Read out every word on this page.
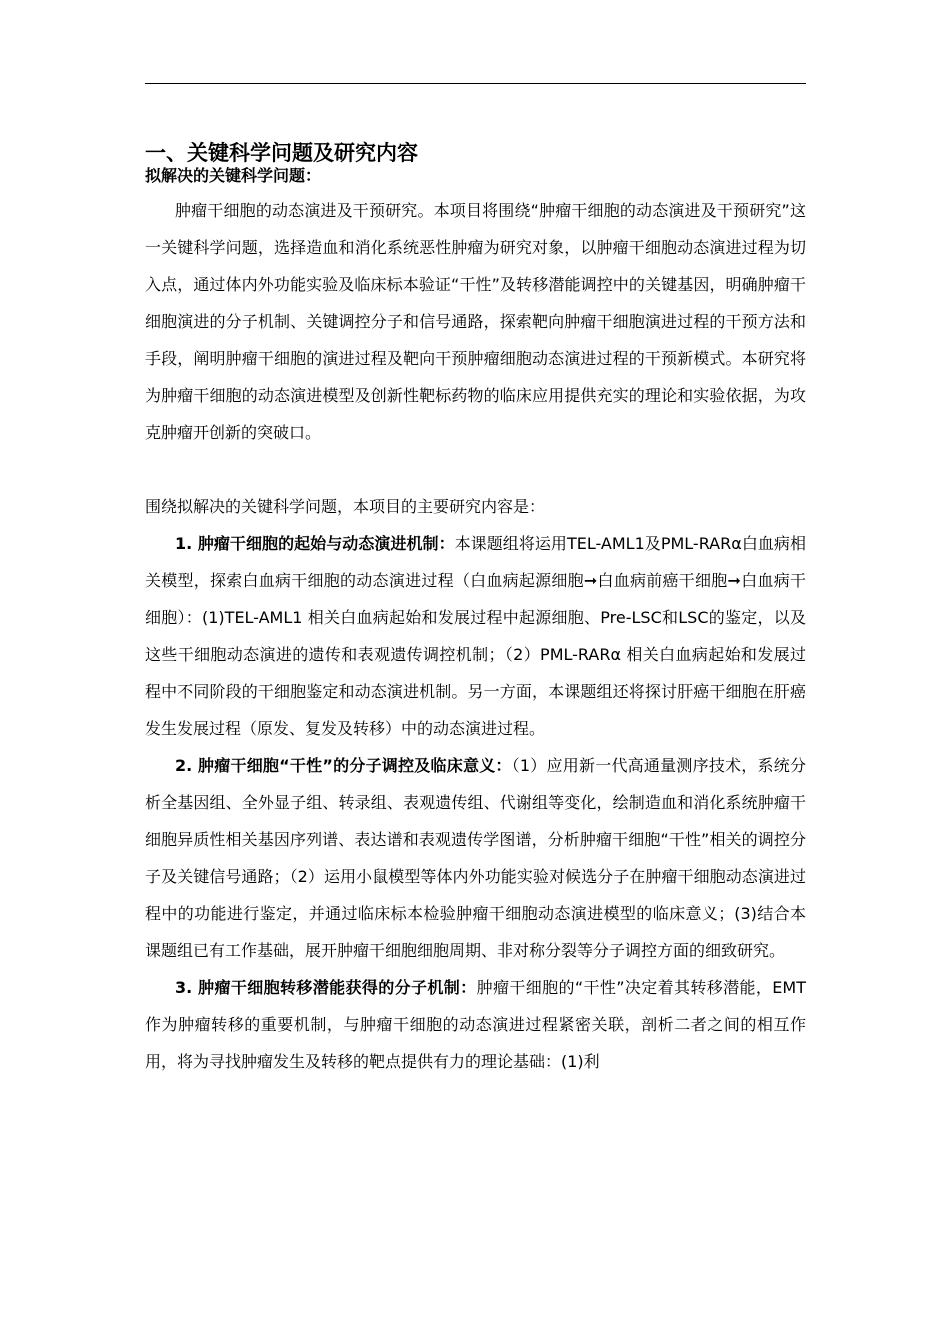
一、关键科学问题及研究内容
拟解决的关键科学问题：

肿瘤干细胞的动态演进及干预研究。本项目将围绕“肿瘤干细胞的动态演进及干预研究”这一关键科学问题，选择造血和消化系统恶性肿瘤为研究对象，以肿瘤干细胞动态演进过程为切入点，通过体内外功能实验及临床标本验证“干性”及转移潜能调控中的关键基因，明确肿瘤干细胞演进的分子机制、关键调控分子和信号通路，探索靶向肿瘤干细胞演进过程的干预方法和手段，阐明肿瘤干细胞的演进过程及靶向干预肿瘤细胞动态演进过程的干预新模式。本研究将为肿瘤干细胞的动态演进模型及创新性靶标药物的临床应用提供充实的理论和实验依据，为攻克肿瘤开创新的突破口。

围绕拟解决的关键科学问题，本项目的主要研究内容是：

1. 肿瘤干细胞的起始与动态演进机制：本课题组将运用TEL-AML1及PML-RARα白血病相关模型，探索白血病干细胞的动态演进过程（白血病起源细胞➞白血病前癌干细胞➞白血病干细胞）：(1)TEL-AML1 相关白血病起始和发展过程中起源细胞、Pre-LSC和LSC的鉴定，以及这些干细胞动态演进的遗传和表观遗传调控机制；（2）PML-RARα 相关白血病起始和发展过程中不同阶段的干细胞鉴定和动态演进机制。另一方面，本课题组还将探讨肝癌干细胞在肝癌发生发展过程（原发、复发及转移）中的动态演进过程。

2. 肿瘤干细胞“干性”的分子调控及临床意义：（1）应用新一代高通量测序技术，系统分析全基因组、全外显子组、转录组、表观遗传组、代谢组等变化，绘制造血和消化系统肿瘤干细胞异质性相关基因序列谱、表达谱和表观遗传学图谱，分析肿瘤干细胞“干性”相关的调控分子及关键信号通路；（2）运用小鼠模型等体内外功能实验对候选分子在肿瘤干细胞动态演进过程中的功能进行鉴定，并通过临床标本检验肿瘤干细胞动态演进模型的临床意义；(3)结合本课题组已有工作基础，展开肿瘤干细胞细胞周期、非对称分裂等分子调控方面的细致研究。

3. 肿瘤干细胞转移潜能获得的分子机制：肿瘤干细胞的“干性”决定着其转移潜能，EMT作为肿瘤转移的重要机制，与肿瘤干细胞的动态演进过程紧密关联，剖析二者之间的相互作用，将为寻找肿瘤发生及转移的靶点提供有力的理论基础：(1)利
